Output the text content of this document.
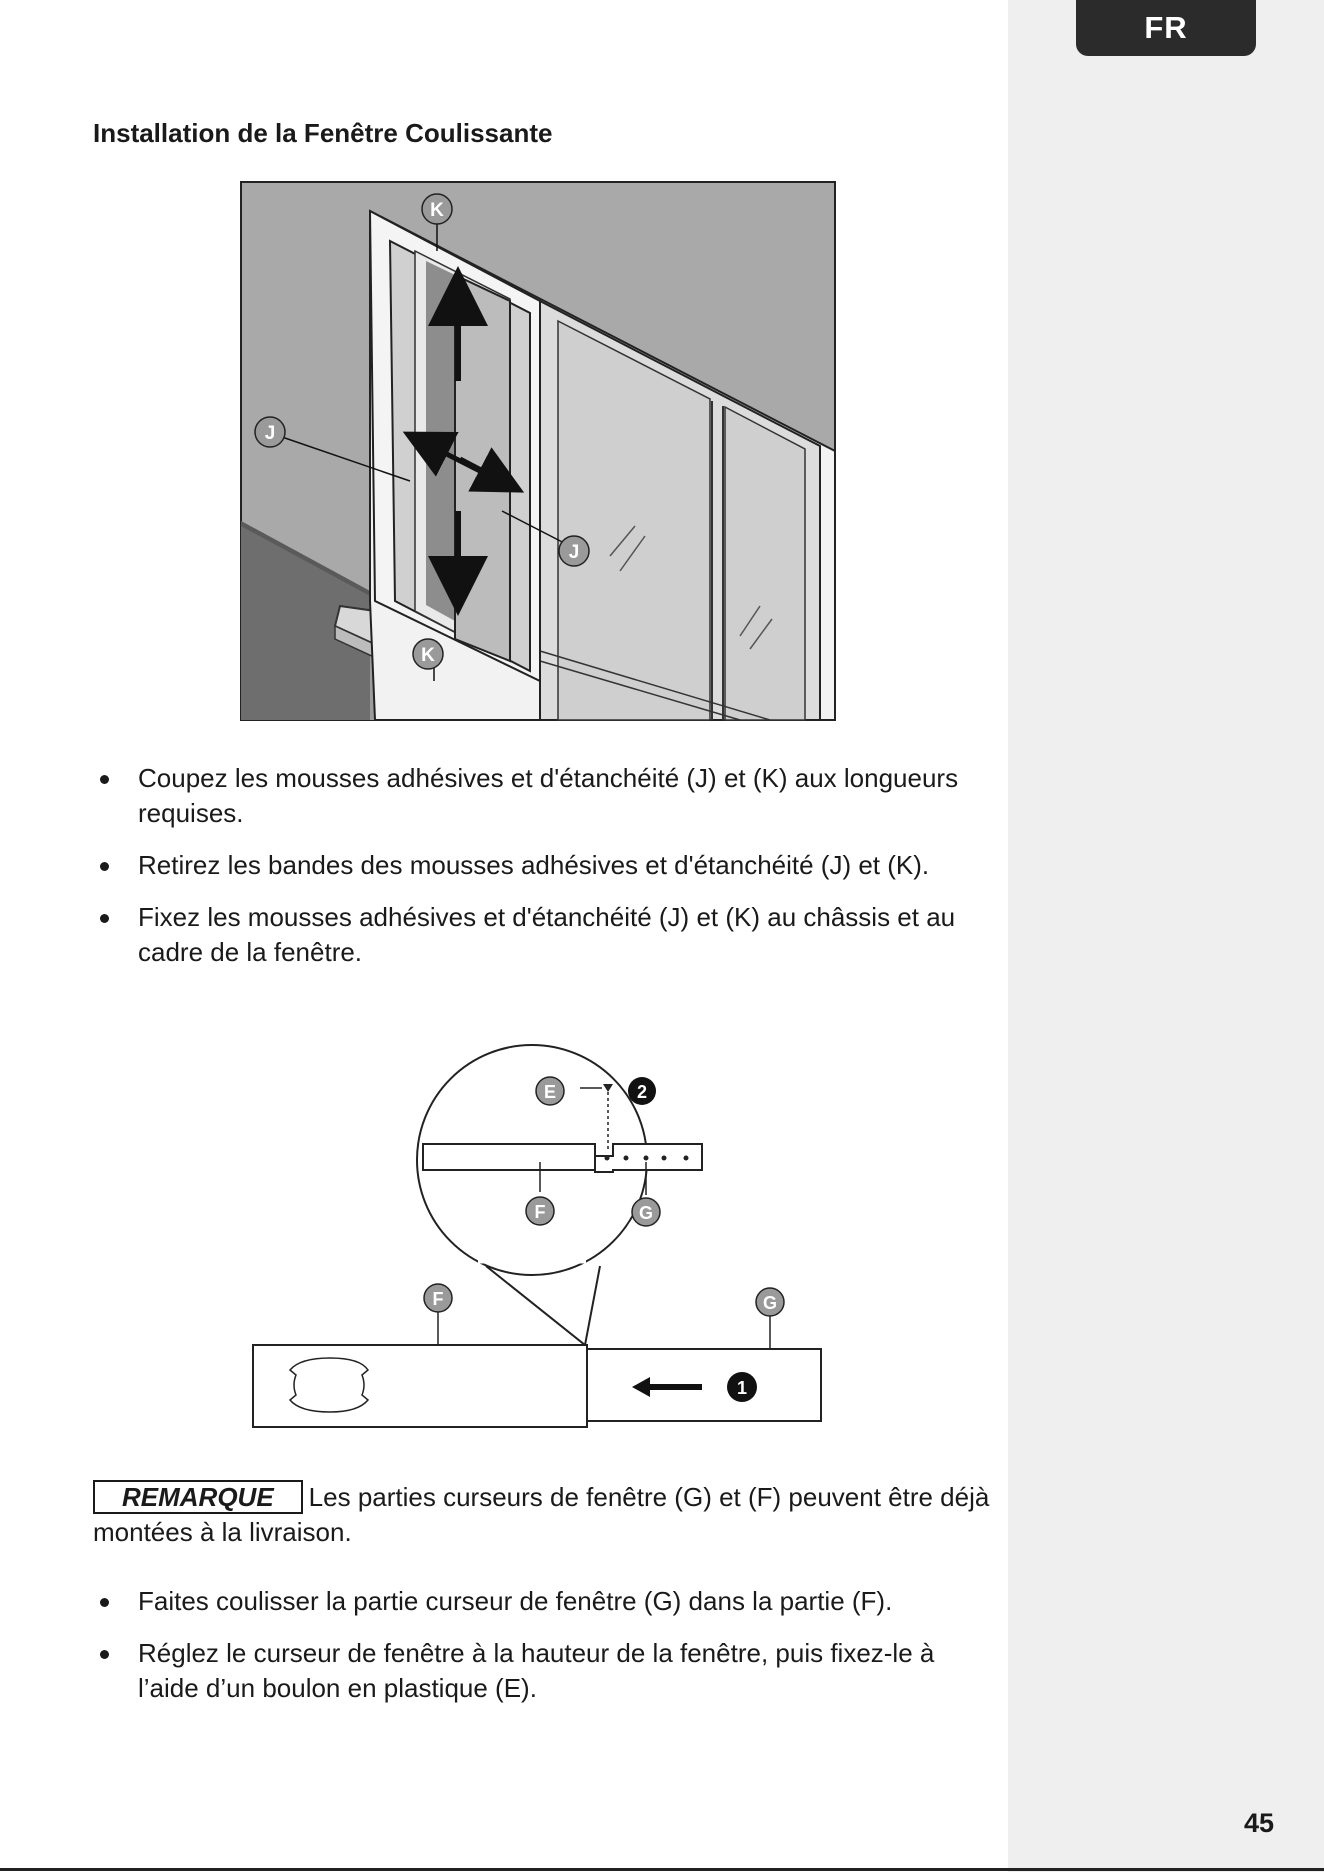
FR
Installation de la Fenêtre Coulissante
K
J
J
K
Coupez les mousses adhésives et d'étanchéité (J) et (K) aux longueurs requises.
Retirez les bandes des mousses adhésives et d'étanchéité (J) et (K).
Fixez les mousses adhésives et d'étanchéité (J) et (K) au châssis et au cadre de la fenêtre.
E	2
F	G
F	G
1
REMARQUE Les parties curseurs de fenêtre (G) et (F) peuvent être déjà montées à la livraison.
Faites coulisser la partie curseur de fenêtre (G) dans la partie (F).
Réglez le curseur de fenêtre à la hauteur de la fenêtre, puis fixez-le à l’aide d’un boulon en plastique (E).
45
